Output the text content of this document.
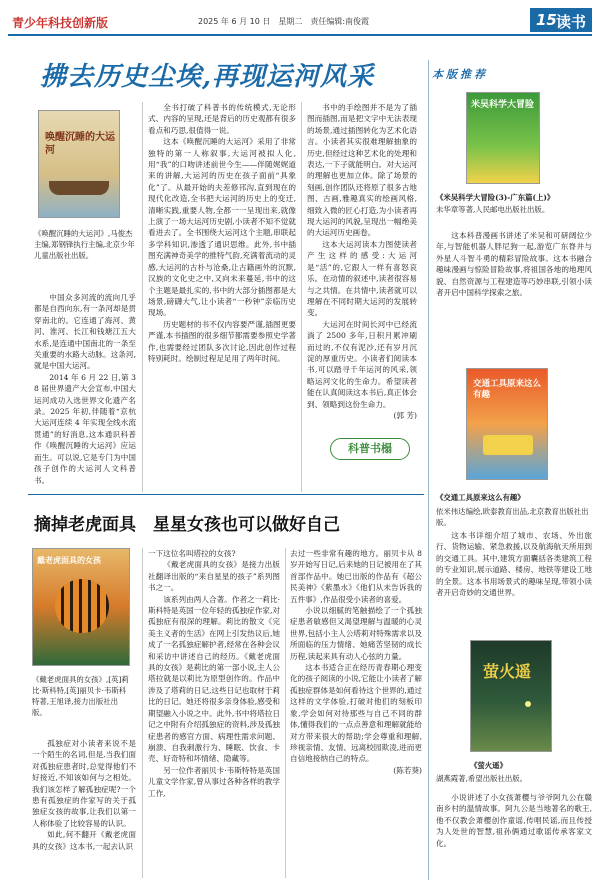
青少年科技创新版	2025 年 6 月 10 日　星期二　责任编辑:南俊霞	15 读书
拂去历史尘埃,再现运河风采
唤醒沉睡的大运河
《唤醒沉睡的大运河》,马俊杰主编,郑钢锋执行主编,北京少年儿童出版社出版。

中国众多河流的流向几乎都是自西向东,有一条河却是贯穿南北的。它连通了海河、黄河、淮河、长江和钱塘江五大水系,是连通中国南北的一条至关重要的水路大动脉。这条河,就是中国大运河。

2014 年 6 月 22 日,第 38 届世界遗产大会宣布,中国大运河成功入选世界文化遗产名录。2025 年初,伴随着“京杭大运河连续 4 年实现全线水流贯通”的好消息,这本通识科普作《唤醒沉睡的大运河》应运而生。可以说,它是专门为中国孩子创作的大运河人文科普书。

全书打破了科普书的传统模式,无论形式、内容的呈现,还是背后的历史观都有很多看点和巧思,很值得一说。

这本《唤醒沉睡的大运河》采用了非常独特的第一人称叙事,大运河被拟人化,用“我”的口吻讲述前世今生——伴随娓娓道来的讲解,大运河的历史在孩子面前“具象化”了。从最开始的夫差修邗沟,直到现在的现代化改造,全书把大运河的历史上的变迁,清晰实践,重要人物,全都一一呈现出来,就像上演了一场大运河历史剧,小读者不知不觉就看进去了。全书围绕大运河这个主题,串联起多学科知识,渗透了通识思维。此外,书中插图充满神奇美学的推特气韵,充满着流动的灵感,大运河的古朴与沧桑,让古籍画外的沉默,汉族的文化史之中,又向未来蔓延,书中的这个主题是最扎实的,书中的大部分插图都是大场景,磅礴大气,让小读者“一秒钟”亲临历史现场。

历史题材的书不仅内容要严谨,插图更要严谨,本书插图的很多细节都需要参照史学著作,也需要经过团队多次讨论,因此创作过程特别耗时。绘制过程足足用了两年时间。

书中的手绘图并不是为了插图而插图,而是把文字中无法表现的场景,通过插图转化为艺术化语言。小读者其实很难理解抽象的历史,但经过这种艺术化的处理和表达,一下子就能明白。对大运河的理解也更加立体。除了场景的刻画,创作团队还将原了很多古地图、古画,雅趣真实的绘画风格,细致入微的匠心打造,为小读者再现大运河的风貌,呈现出一幅绝美的大运河历史画卷。

这本大运河读本力图使读者产生这样的感受:大运河是“活”的,它跟人一样有喜怒哀乐。在动情的叙述中,读者很容易与之共情。在共情中,读者就可以理解在不同时期大运河的发展转变。

大运河在时间长河中已经流淌了 2500 多年,日积月累冲刷而过的,不仅有泥沙,还有岁月沉淀的厚重历史。小读者们阅读本书,可以踏寻千年运河的风采,领略运河文化的生命力。希望读者能在认真阅读这本书后,真正体会到、领略到这份生命力。

(郭 芳)
科普书榻
摘掉老虎面具　星星女孩也可以做好自己
戴老虎面具的女孩
《戴老虎面具的女孩》,[英]莉比·斯科特,[英]丽贝卡·韦斯科特著,王旭译,接力出版社出版。

孤独症对小读者来说不是一个陌生的名词,但是,当我们面对孤独症患者时,总觉得他们不好接近,不知该如何与之相处。我们该怎样了解孤独症呢?一个患有孤独症的作家写的关于孤独症女孩的故事,让我们以第一人称体验了比较容易的认识。

如此,何不翻开《戴老虎面具的女孩》这本书,一起去认识

一下这位名叫塔拉的女孩?

《戴老虎面具的女孩》是接力出版社翻译出版的“来自星星的孩子”系列图书之一。

该系列由两人合著。作者之一莉比·斯科特是英国一位年轻的孤独症作家,对孤独症有很深的理解。莉比的散文《完美主义者的生活》在网上引发热议后,她成了一名孤独症解护者,经常在各种会议和采访中讲述自己的经历。《戴老虎面具的女孩》是莉比的第一部小说,主人公塔拉就是以莉比为原型创作的。作品中涉及了塔莉的日记,这些日记也取材于莉比的日记。她还将很多亲身体验,感受和期望融入小说之中。此外,书中将塔拉日记之中附有介绍孤独症的资料,涉及孤独症患者的感官方面、病理性需求问题、崩溃、自我刺激行为、睡眠、饮食、卡壳、好奇特和坏情绪、隐藏等。

另一位作者丽贝卡·韦斯特特是英国儿童文学作家,曾从事过各种各样的教学工作,

去过一些非常有趣的地方。丽贝卡从 8 岁开始写日记,后来她的日记被用在了其首部作品中。她已出版的作品有《超公民美神》《紫墨水》《他们从未告诉我的五件事》,作品很受小读者的喜爱。

小说以细腻的笔触描绘了一个孤独症患者敏感但又渴望理解与温暖的心灵世界,包括小主人公塔莉对特殊需求以及所面临的压力情绪、她痛苦坚韧的成长历程,读起来具有动人心弦的力量。

这本书适合正在经历青春期心理变化的孩子阅读的小说,它能让小读者了解孤独症群体是如何看待这个世界的,通过这样的文学体验,打破对他们的刻板印象,学会如何对待那些与自己不同的群体,懂得我们的一点点善意和理解就能给对方带来很大的帮助;学会尊重和理解,珍视亲情、友情、远离校园欺凌,进而更自信地接纳自己的特点。

(陈若葵)
本版推荐
米吴科学大冒险
《米吴科学大冒险(3)-广东篇(上)》
未华章等著,人民邮电出版社出版。

这本科普漫画书讲述了米吴和可研阔位少年,与智能机器人胖尼狗一起,游览广东脊井与外星人斗智斗勇的精彩冒险故事。这本书融合趣味漫画与惊险冒险故事,将祖国各地的地理风貌、自然资源与工程建造等巧妙串联,引领小读者开启中国科学探索之旅。

交通工具原来这么有趣
《交通工具原来这么有趣》
依米伟达编绘,欧泰教育出品,北京教育出版社出版。

这本书详细介绍了城市、农场、外出旅行、货物运输、紧急救援,以及航海航天所用到的交通工具。其中,建筑方面囊括各类建筑工程的专业知识,展示道路、楼房、地铁等建设工地的全景。这本书用场景式的趣味呈现,带领小读者开启奇妙的交通世界。

萤火遥
《萤火遥》
湖燕霞著,希望出版社出版。

小说讲述了小女孩萧樱与爷爷阿九公在赣南乡村的温情故事。阿九公是当地著名的歌王,他不仅教会萧樱创作童谣,传唱民谣,而且传授为人处世的智慧,祖孙俩通过歌谣传承客家文化。
